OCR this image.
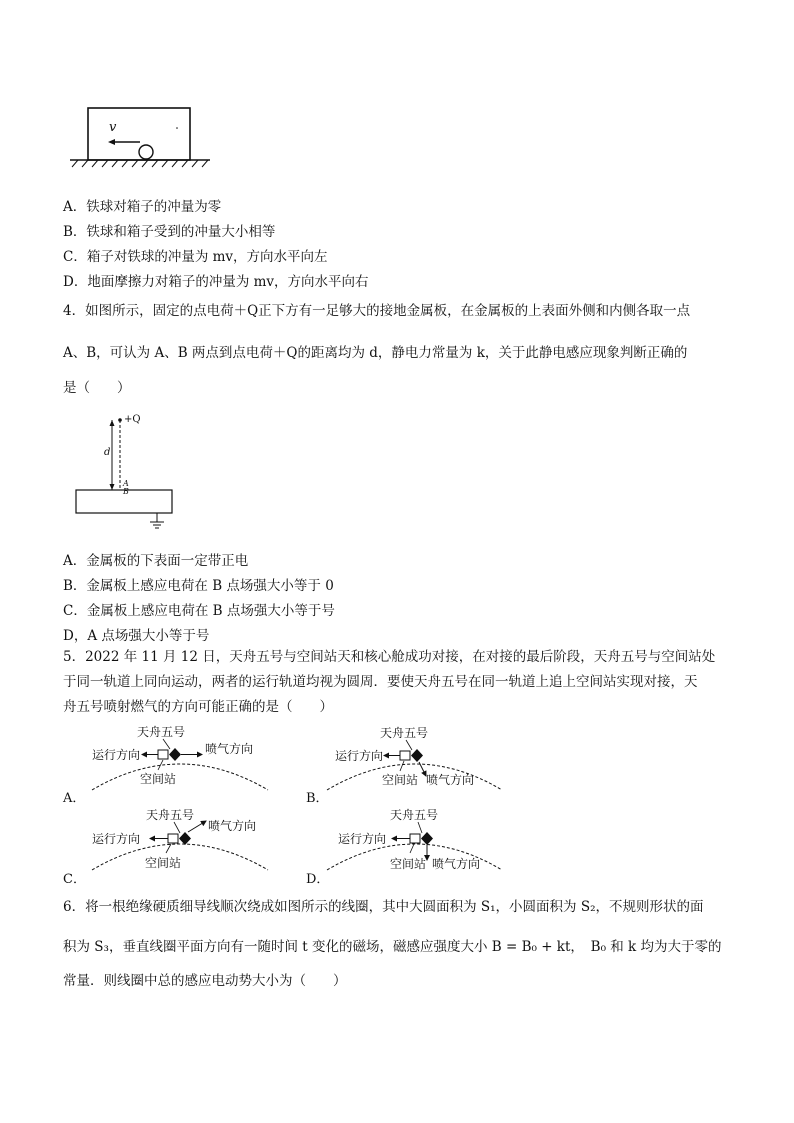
v
A．铁球对箱子的冲量为零
B．铁球和箱子受到的冲量大小相等
C．箱子对铁球的冲量为 mv，方向水平向左
D．地面摩擦力对箱子的冲量为 mv，方向水平向右
4．如图所示，固定的点电荷＋Q正下方有一足够大的接地金属板，在金属板的上表面外侧和内侧各取一点
A、B，可认为 A、B 两点到点电荷＋Q的距离均为 d，静电力常量为 k，关于此静电感应现象判断正确的
是（　　）
+Q
d
A
B
A．金属板的下表面一定带正电
B．金属板上感应电荷在 B 点场强大小等于 0
C．金属板上感应电荷在 B 点场强大小等于号
D，A 点场强大小等于号
5．2022 年 11 月 12 日，天舟五号与空间站天和核心舱成功对接，在对接的最后阶段，天舟五号与空间站处
于同一轨道上同向运动，两者的运行轨道均视为圆周．要使天舟五号在同一轨道上追上空间站实现对接，天
舟五号喷射燃气的方向可能正确的是（　　）
天舟五号
运行方向	喷气方向
空间站
A．
天舟五号
运行方向
喷气方向
空间站
B．
天舟五号
运行方向
喷气方向
空间站
C．
天舟五号
运行方向
喷气方向
空间站
D．
6．将一根绝缘硬质细导线顺次绕成如图所示的线圈，其中大圆面积为 S₁，小圆面积为 S₂，不规则形状的面
积为 S₃，垂直线圈平面方向有一随时间 t 变化的磁场，磁感应强度大小 B = B₀ + kt，　B₀ 和 k 均为大于零的
常量．则线圈中总的感应电动势大小为（　　）
